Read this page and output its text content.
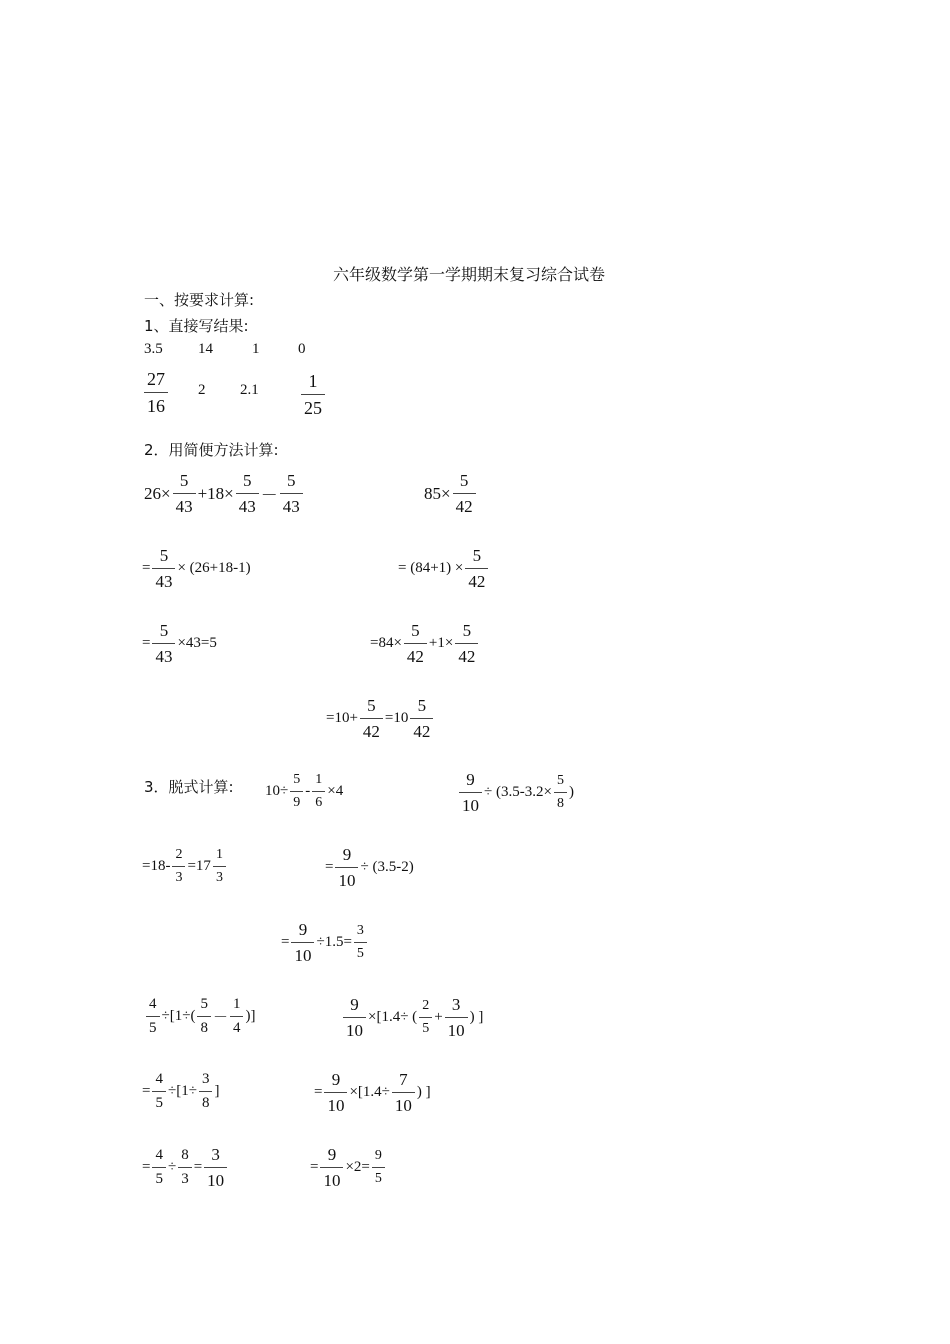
六年级数学第一学期期末复习综合试卷
一、按要求计算:
1、直接写结果:
3.5 14	1	0
$\frac{27}{16} 2$ $2.1 \frac{1}{25}$
2．用简便方法计算:
$26\times \frac{5}{43} +18\times \frac{5}{43} - \frac{5}{43}$	$85\times \frac{5}{42}$
= $\frac{5}{43} \times (26+18-1)$	= $(84+1) \times \frac{5}{42}$
= $\frac{5}{43} \times 43=5$	$=84\times \frac{5}{42} +1\times \frac{5}{42}$
$=10+ \frac{5}{42} =10 \frac{5}{42}$
3．脱式计算: $10\div \frac{5}{9} - \frac{1}{6} \times 4$	$\frac{9}{10} \div (3.5-3.2\times \frac{5}{8}$ )
$=18- \frac{2}{3} =17 \frac{1}{3}$	= $\frac{9}{10} \div (3.5-2)$
= $\frac{9}{10} \div 1.5= \frac{3}{5}$
$\frac{4}{5} \div[1\div( \frac{5}{8} - \frac{1}{4}$ )]	$\frac{9}{10} \times[1.4\div$ ( $\frac{2}{5} + \frac{3}{10}$ ) ]
= $\frac{4}{5} \div[1\div \frac{3}{8}$ ]	= $\frac{9}{10} \times[1.4\div \frac{7}{10}$ ) ]
= $\frac{4}{5} \div \frac{8}{3} = \frac{3}{10}$	= $\frac{9}{10} \times 2= \frac{9}{5}$
